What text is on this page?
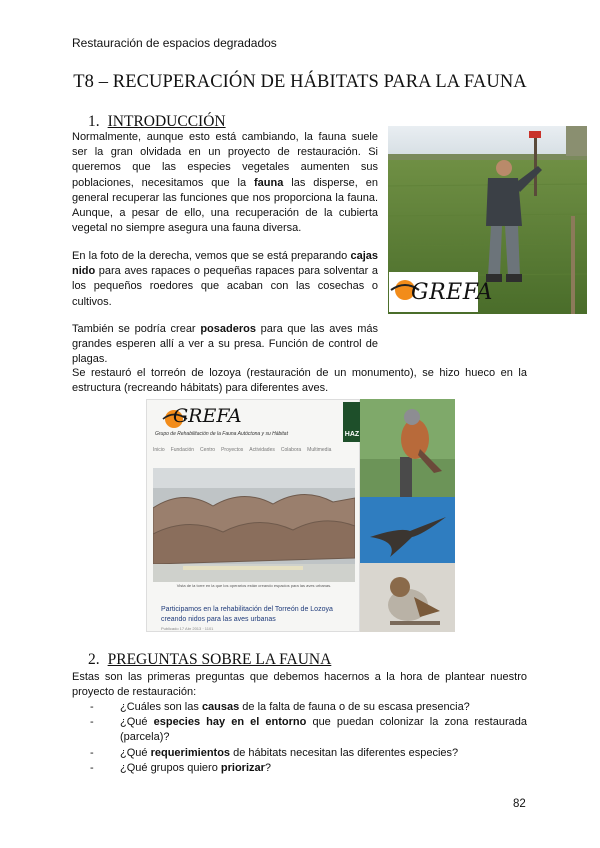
Restauración de espacios degradados
T8 – RECUPERACIÓN DE HÁBITATS PARA LA FAUNA
1. INTRODUCCIÓN
Normalmente, aunque esto está cambiando, la fauna suele ser la gran olvidada en un proyecto de restauración. Si queremos que las especies vegetales aumenten sus poblaciones, necesitamos que la fauna las disperse, en general recuperar las funciones que nos proporciona la fauna. Aunque, a pesar de ello, una recuperación de la cubierta vegetal no siempre asegura una fauna diversa.
En la foto de la derecha, vemos que se está preparando cajas nido para aves rapaces o pequeñas rapaces para solventar a los pequeños roedores que acaban con las cosechas o cultivos.
También se podría crear posaderos para que las aves más grandes esperen allí a ver a su presa. Función de control de plagas.
Se restauró el torreón de lozoya (restauración de un monumento), se hizo hueco en la estructura (recreando hábitats) para diferentes aves.
GREFA
GREFA
Grupo de Rehabilitación de la Fauna Autóctona y su Hábitat	HAZ
Inicio Fundación Centro Proyectos Actividades Colabora Multimedia
Vista de la torre en la que los operarios están creando espacios para las aves urbanas.
Participamos en la rehabilitación del Torreón de Lozoya creando nidos para las aves urbanas
Publicado 17 Abr 2013 · 1101
2. PREGUNTAS SOBRE LA FAUNA
Estas son las primeras preguntas que debemos hacernos a la hora de plantear nuestro proyecto de restauración:
- ¿Cuáles son las causas de la falta de fauna o de su escasa presencia?
- ¿Qué especies hay en el entorno que puedan colonizar la zona restaurada (parcela)?
- ¿Qué requerimientos de hábitats necesitan las diferentes especies?
- ¿Qué grupos quiero priorizar?
82
